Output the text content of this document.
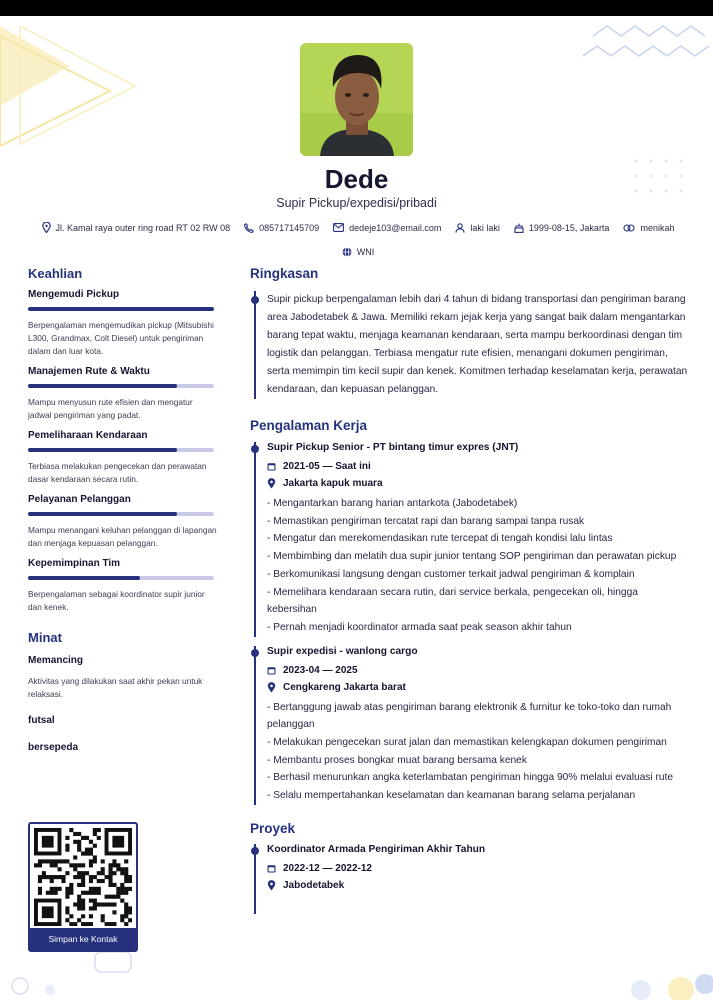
Dede
Supir Pickup/expedisi/pribadi
Jl. Kamal raya outer ring road RT 02 RW 08	085717145709	dedeje103@email.com	laki laki	1999-08-15, Jakarta	menikah
WNI
Keahlian
Mengemudi Pickup
Berpengalaman mengemudikan pickup (Mitsubishi L300, Grandmax, Colt Diesel) untuk pengiriman dalam dan luar kota.
Manajemen Rute & Waktu
Mampu menyusun rute efisien dan mengatur jadwal pengiriman yang padat.
Pemeliharaan Kendaraan
Terbiasa melakukan pengecekan dan perawatan dasar kendaraan secara rutin.
Pelayanan Pelanggan
Mampu menangani keluhan pelanggan di lapangan dan menjaga kepuasan pelanggan.
Kepemimpinan Tim
Berpengalaman sebagai koordinator supir junior dan kenek.
Minat
Memancing
Aktivitas yang dilakukan saat akhir pekan untuk relaksasi.
futsal
bersepeda
Simpan ke Kontak
Ringkasan
Supir pickup berpengalaman lebih dari 4 tahun di bidang transportasi dan pengiriman barang area Jabodetabek & Jawa. Memiliki rekam jejak kerja yang sangat baik dalam mengantarkan barang tepat waktu, menjaga keamanan kendaraan, serta mampu berkoordinasi dengan tim logistik dan pelanggan. Terbiasa mengatur rute efisien, menangani dokumen pengiriman, serta memimpin tim kecil supir dan kenek. Komitmen terhadap keselamatan kerja, perawatan kendaraan, dan kepuasan pelanggan.
Pengalaman Kerja
Supir Pickup Senior - PT bintang timur expres (JNT)
2021-05 — Saat ini
Jakarta kapuk muara
- Mengantarkan barang harian antarkota (Jabodetabek)
- Memastikan pengiriman tercatat rapi dan barang sampai tanpa rusak
- Mengatur dan merekomendasikan rute tercepat di tengah kondisi lalu lintas
- Membimbing dan melatih dua supir junior tentang SOP pengiriman dan perawatan pickup
- Berkomunikasi langsung dengan customer terkait jadwal pengiriman & komplain
- Memelihara kendaraan secara rutin, dari service berkala, pengecekan oli, hingga kebersihan
- Pernah menjadi koordinator armada saat peak season akhir tahun
Supir expedisi - wanlong cargo
2023-04 — 2025
Cengkareng Jakarta barat
- Bertanggung jawab atas pengiriman barang elektronik & furnitur ke toko-toko dan rumah pelanggan
- Melakukan pengecekan surat jalan dan memastikan kelengkapan dokumen pengiriman
- Membantu proses bongkar muat barang bersama kenek
- Berhasil menurunkan angka keterlambatan pengiriman hingga 90% melalui evaluasi rute
- Selalu mempertahankan keselamatan dan keamanan barang selama perjalanan
Proyek
Koordinator Armada Pengiriman Akhir Tahun
2022-12 — 2022-12
Jabodetabek
